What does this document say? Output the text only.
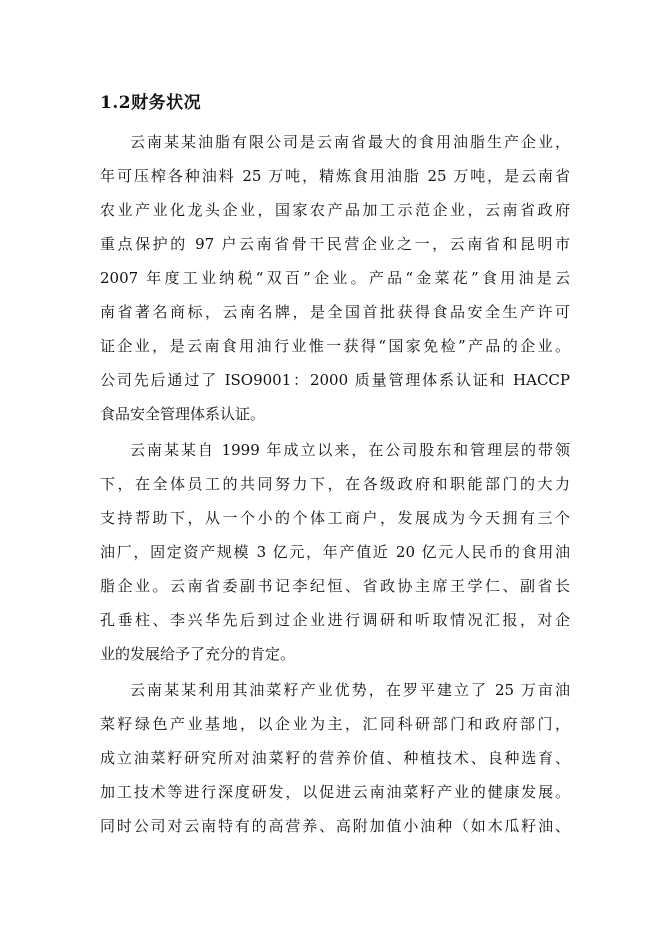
1.2财务状况
云南某某油脂有限公司是云南省最大的食用油脂生产企业，
年可压榨各种油料 25 万吨，精炼食用油脂 25 万吨，是云南省
农业产业化龙头企业，国家农产品加工示范企业，云南省政府
重点保护的 97 户云南省骨干民营企业之一，云南省和昆明市
2007 年度工业纳税“双百”企业。产品“金菜花”食用油是云
南省著名商标，云南名牌，是全国首批获得食品安全生产许可
证企业，是云南食用油行业惟一获得“国家免检”产品的企业。
公司先后通过了 ISO9001：2000 质量管理体系认证和 HACCP
食品安全管理体系认证。
云南某某自 1999 年成立以来，在公司股东和管理层的带领
下，在全体员工的共同努力下，在各级政府和职能部门的大力
支持帮助下，从一个小的个体工商户，发展成为今天拥有三个
油厂，固定资产规模 3 亿元，年产值近 20 亿元人民币的食用油
脂企业。云南省委副书记李纪恒、省政协主席王学仁、副省长
孔垂柱、李兴华先后到过企业进行调研和听取情况汇报，对企
业的发展给予了充分的肯定。
云南某某利用其油菜籽产业优势，在罗平建立了 25 万亩油
菜籽绿色产业基地，以企业为主，汇同科研部门和政府部门，
成立油菜籽研究所对油菜籽的营养价值、种植技术、良种选育、
加工技术等进行深度研发，以促进云南油菜籽产业的健康发展。
同时公司对云南特有的高营养、高附加值小油种（如木瓜籽油、
